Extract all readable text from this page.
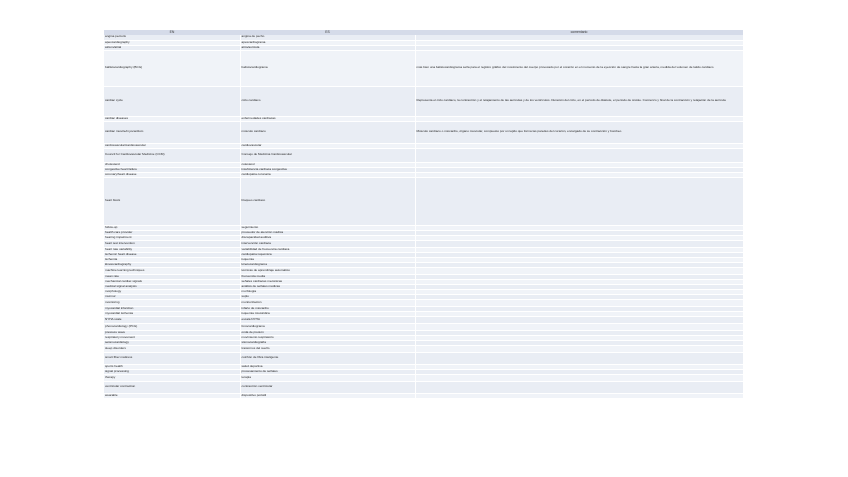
EN	ES	comentario
angina pectoris	angina de pecho	
apexcardiography	apexcardiograma	
atrium/atrial	atrio/aurícula	
ballistocardiography (BCG)	balistocardiograma	más bien una balistocardiograma seña para el registro gráfico del movimiento del cuerpo provocado por el corazón en el momento de la eyección de sangre hacia la gran arteria, medida del volumen de latido cardíaco
cardiac cycle	ciclo cardíaco	Representa el ciclo cardíaco, la contracción y el relajamiento de las aurículas y de los ventrículos. Duración del ciclo, en el período de diástole, el período de sístole. Comienzo y final de la contracción y relajación de la aurícula
cardiac diseases	enfermedades cardíacas	
cardiac muscle/myocardium	músculo cardíaco	Músculo cardíaco o miocardio, órgano muscular, compuesto por un tejido que forma las paredes del corazón, encargado de su contracción y bombeo
cardiovascular/cardiovascular	cardiovascular	
Council for Cardiovascular Medicine (CCM)	Consejo de Medicina Cardiovascular	
cholesterol	colesterol	
congestive heart failure	insuficiencia cardíaca congestiva	
coronary/heart disease	cardiopatía coronaria	
heart block	bloqueo cardíaco	
follow-up	seguimiento	
health care provider	proveedor de atención médica	
hearing impairment	discapacidad auditiva	
heart test intervention	intervención cardíaca	
heart rate variability	variabilidad de frecuencia cardíaca	
ischemic heart disease	cardiopatía isquémica	
ischemia	isquemia	
kinetocardiography	kinetocardiograma	
machine learning techniques	técnicas de aprendizaje automático	
mean rate	frecuencia media	
mechanical cardiac signals	señales cardíacas mecánicas	
medical signal analysis	análisis de señales médicas	
morphology	morfología	
murmur	soplo	
monitoring	monitorización	
myocardial infarction	infarto de miocardio	
myocardial ischemia	isquemia miocárdica	
NYHA scale	escala NYHA	
phonocardiology (PCG)	fonocardiograma	
pressure wave	onda de presión	
respiratory movement	movimiento respiratorio	
seismocardiology	sismocardiografía	
sleep disorders	trastornos del sueño	
smart fiber mattress	colchón de fibra inteligente	
sports health	salud deportiva	
signal processing	procesamiento de señales	
therapy	terapia	
ventricular contraction	contracción ventricular	
wearable	dispositivo portátil	
